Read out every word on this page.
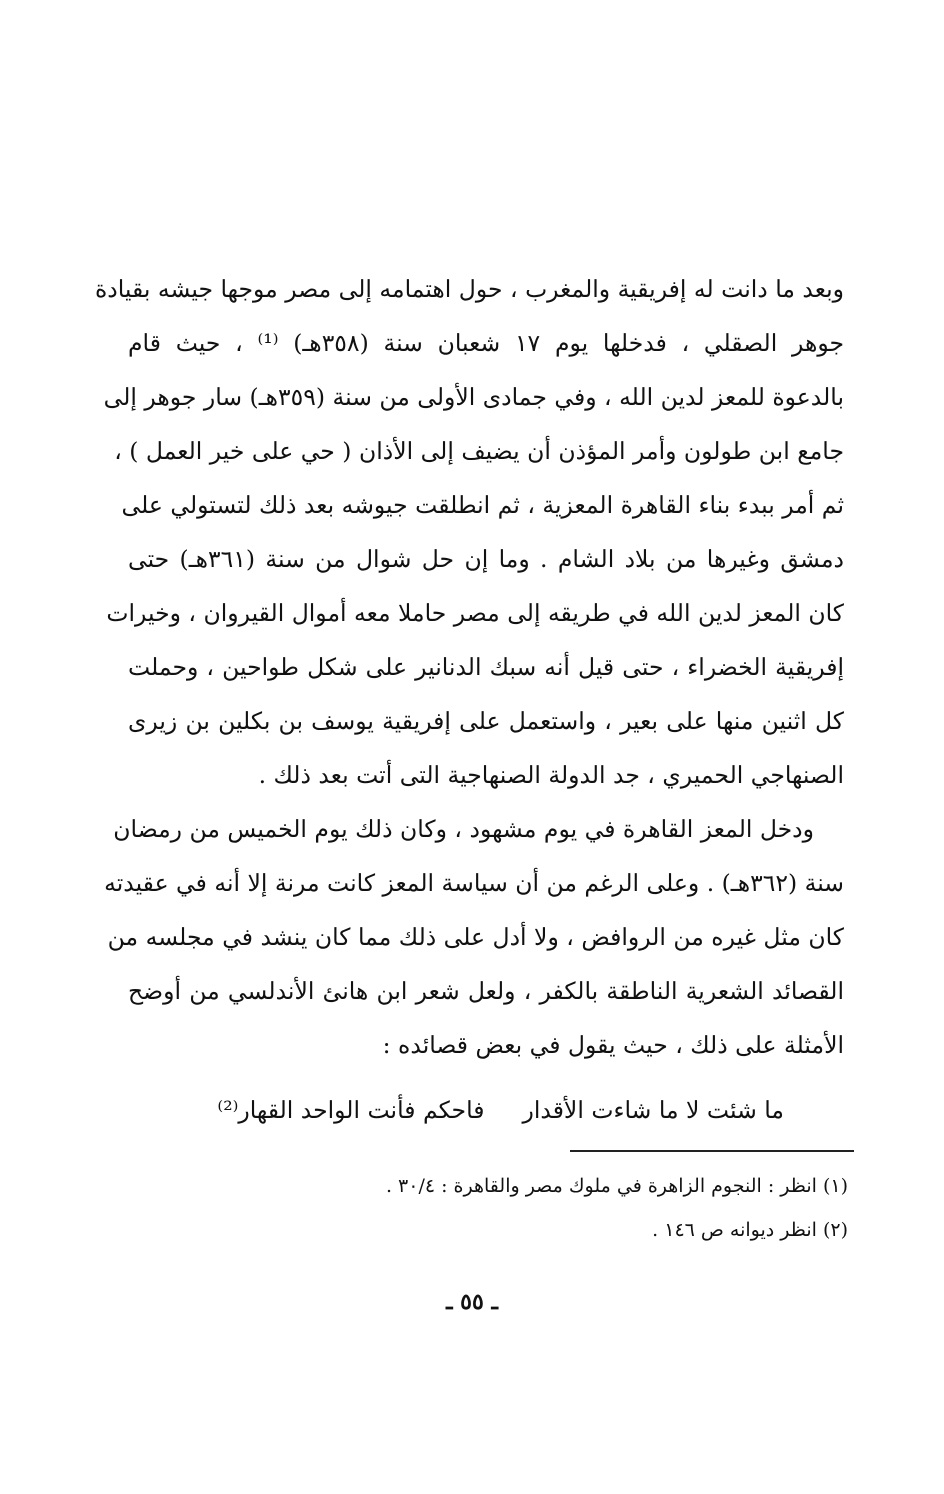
وبعد ما دانت له إفريقية والمغرب ، حول اهتمامه إلى مصر موجها جيشه بقيادة
جوهر الصقلي ، فدخلها يوم ١٧ شعبان سنة (٣٥٨هـ) ⁽¹⁾ ، حيث قام
بالدعوة للمعز لدين الله ، وفي جمادى الأولى من سنة (٣٥٩هـ) سار جوهر إلى
جامع ابن طولون وأمر المؤذن أن يضيف إلى الأذان ( حي على خير العمل ) ،
ثم أمر ببدء بناء القاهرة المعزية ، ثم انطلقت جيوشه بعد ذلك لتستولي على
دمشق وغيرها من بلاد الشام . وما إن حل شوال من سنة (٣٦١هـ) حتى
كان المعز لدين الله في طريقه إلى مصر حاملا معه أموال القيروان ، وخيرات
إفريقية الخضراء ، حتى قيل أنه سبك الدنانير على شكل طواحين ، وحملت
كل اثنين منها على بعير ، واستعمل على إفريقية يوسف بن بكلين بن زيرى
الصنهاجي الحميري ، جد الدولة الصنهاجية التى أتت بعد ذلك .
ودخل المعز القاهرة في يوم مشهود ، وكان ذلك يوم الخميس من رمضان
سنة (٣٦٢هـ) . وعلى الرغم من أن سياسة المعز كانت مرنة إلا أنه في عقيدته
كان مثل غيره من الروافض ، ولا أدل على ذلك مما كان ينشد في مجلسه من
القصائد الشعرية الناطقة بالكفر ، ولعل شعر ابن هانئ الأندلسي من أوضح
الأمثلة على ذلك ، حيث يقول في بعض قصائده :
ما شئت لا ما شاءت الأقدارفاحكم فأنت الواحد القهار⁽²⁾
(١) انظر : النجوم الزاهرة في ملوك مصر والقاهرة : ٣٠/٤ .
(٢) انظر ديوانه ص ١٤٦ .
ـ ٥٥ ـ
